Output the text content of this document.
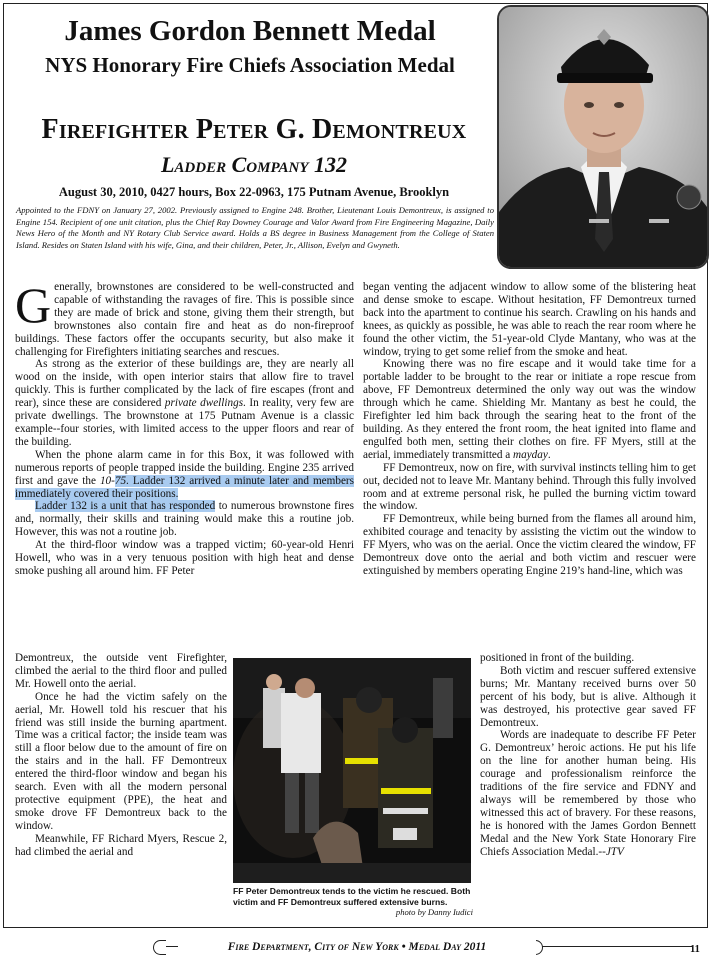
James Gordon Bennett Medal
NYS Honorary Fire Chiefs Association Medal
Firefighter Peter G. Demontreux
Ladder Company 132

August 30, 2010, 0427 hours, Box 22-0963, 175 Putnam Avenue, Brooklyn

Appointed to the FDNY on January 27, 2002. Previously assigned to Engine 248. Brother, Lieutenant Louis Demontreux, is assigned to Engine 154. Recipient of one unit citation, plus the Chief Ray Downey Courage and Valor Award from Fire Engineering Magazine, Daily News Hero of the Month and NY Rotary Club Service award. Holds a BS degree in Business Management from the College of Staten Island. Resides on Staten Island with his wife, Gina, and their children, Peter, Jr., Allison, Evelyn and Gwyneth.

Generally, brownstones are considered to be well-constructed and capable of withstanding the ravages of fire. This is possible since they are made of brick and stone, giving them their strength, but brownstones also contain fire and heat as do non-fireproof buildings. These factors offer the occupants security, but also make it challenging for Firefighters initiating searches and rescues.

As strong as the exterior of these buildings are, they are nearly all wood on the inside, with open interior stairs that allow fire to travel quickly. This is further complicated by the lack of fire escapes (front and rear), since these are considered private dwellings. In reality, very few are private dwellings. The brownstone at 175 Putnam Avenue is a classic example--four stories, with limited access to the upper floors and rear of the building.

When the phone alarm came in for this Box, it was followed with numerous reports of people trapped inside the building. Engine 235 arrived first and gave the 10-75. Ladder 132 arrived a minute later and members immediately covered their positions.

Ladder 132 is a unit that has responded to numerous brownstone fires and, normally, their skills and training would make this a routine job. However, this was not a routine job.

At the third-floor window was a trapped victim; 60-year-old Henri Howell, who was in a very tenuous position with high heat and dense smoke pushing all around him. FF Peter

Demontreux, the outside vent Firefighter, climbed the aerial to the third floor and pulled Mr. Howell onto the aerial.

Once he had the victim safely on the aerial, Mr. Howell told his rescuer that his friend was still inside the burning apartment. Time was a critical factor; the inside team was still a floor below due to the amount of fire on the stairs and in the hall. FF Demontreux entered the third-floor window and began his search. Even with all the modern personal protective equipment (PPE), the heat and smoke drove FF Demontreux back to the window.

Meanwhile, FF Richard Myers, Rescue 2, had climbed the aerial and

began venting the adjacent window to allow some of the blistering heat and dense smoke to escape. Without hesitation, FF Demontreux turned back into the apartment to continue his search. Crawling on his hands and knees, as quickly as possible, he was able to reach the rear room where he found the other victim, the 51-year-old Clyde Mantany, who was at the window, trying to get some relief from the smoke and heat.

Knowing there was no fire escape and it would take time for a portable ladder to be brought to the rear or initiate a rope rescue from above, FF Demontreux determined the only way out was the window through which he came. Shielding Mr. Mantany as best he could, the Firefighter led him back through the searing heat to the front of the building. As they entered the front room, the heat ignited into flame and engulfed both men, setting their clothes on fire. FF Myers, still at the aerial, immediately transmitted a mayday.

FF Demontreux, now on fire, with survival instincts telling him to get out, decided not to leave Mr. Mantany behind. Through this fully involved room and at extreme personal risk, he pulled the burning victim toward the window.

FF Demontreux, while being burned from the flames all around him, exhibited courage and tenacity by assisting the victim out the window to FF Myers, who was on the aerial. Once the victim cleared the window, FF Demontreux dove onto the aerial and both victim and rescuer were extinguished by members operating Engine 219’s hand-line, which was

positioned in front of the building.

Both victim and rescuer suffered extensive burns; Mr. Mantany received burns over 50 percent of his body, but is alive. Although it was destroyed, his protective gear saved FF Demontreux.

Words are inadequate to describe FF Peter G. Demontreux’ heroic actions. He put his life on the line for another human being. His courage and professionalism reinforce the traditions of the fire service and FDNY and always will be remembered by those who witnessed this act of bravery. For these reasons, he is honored with the James Gordon Bennett Medal and the New York State Honorary Fire Chiefs Association Medal.--JTV

FF Peter Demontreux tends to the victim he rescued. Both victim and FF Demontreux suffered extensive burns.
photo by Danny Iudici

Fire Department, City of New York • Medal Day 2011	11
